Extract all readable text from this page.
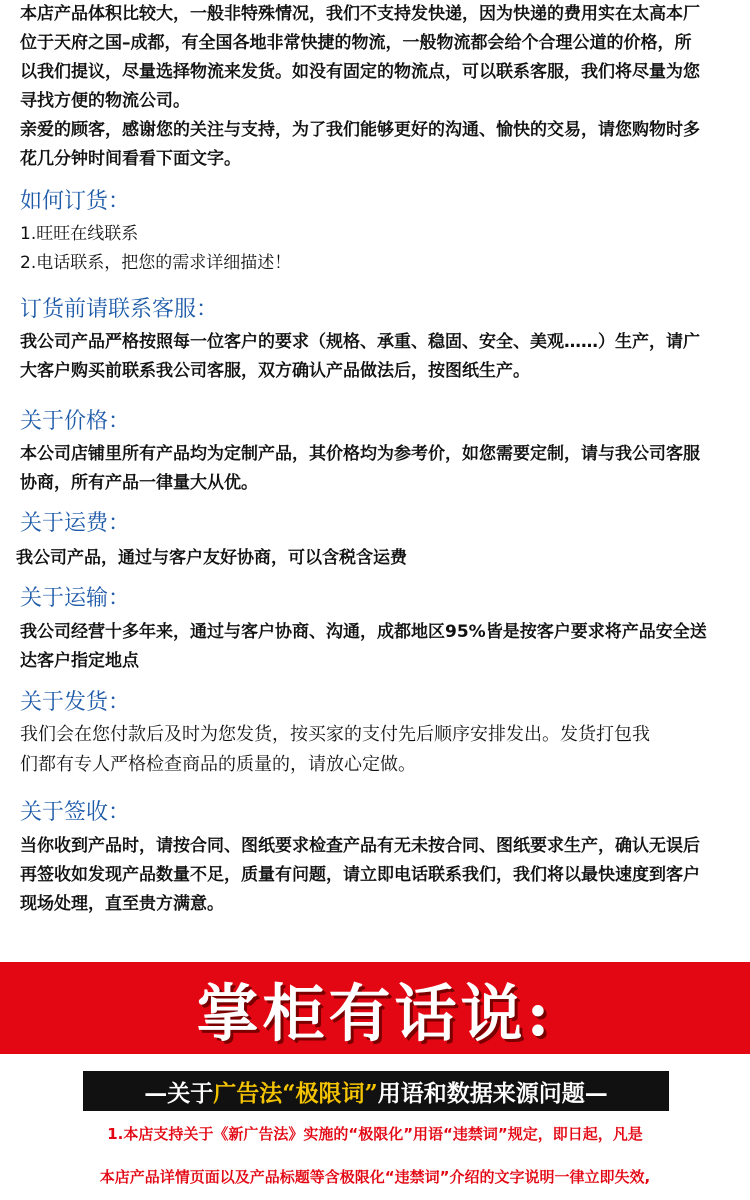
本店产品体积比较大，一般非特殊情况，我们不支持发快递，因为快递的费用实在太高本厂
位于天府之国–成都，有全国各地非常快捷的物流，一般物流都会给个合理公道的价格，所
以我们提议，尽量选择物流来发货。如没有固定的物流点，可以联系客服，我们将尽量为您
寻找方便的物流公司。
亲爱的顾客，感谢您的关注与支持，为了我们能够更好的沟通、愉快的交易，请您购物时多
花几分钟时间看看下面文字。
如何订货：
1.旺旺在线联系
2.电话联系，把您的需求详细描述！
订货前请联系客服：
我公司产品严格按照每一位客户的要求（规格、承重、稳固、安全、美观……）生产，请广
大客户购买前联系我公司客服，双方确认产品做法后，按图纸生产。
关于价格：
本公司店铺里所有产品均为定制产品，其价格均为参考价，如您需要定制，请与我公司客服
协商，所有产品一律量大从优。
关于运费：
我公司产品，通过与客户友好协商，可以含税含运费
关于运输：
我公司经营十多年来，通过与客户协商、沟通，成都地区95%皆是按客户要求将产品安全送
达客户指定地点
关于发货：
我们会在您付款后及时为您发货，按买家的支付先后顺序安排发出。发货打包我
们都有专人严格检查商品的质量的，请放心定做。
关于签收：
当你收到产品时，请按合同、图纸要求检查产品有无未按合同、图纸要求生产，确认无误后
再签收如发现产品数量不足，质量有问题，请立即电话联系我们，我们将以最快速度到客户
现场处理，直至贵方满意。
掌柜有话说:
—关于 广告法 “极限词” 用语和数据来源问题—
1.本店支持关于《新广告法》实施的“极限化”用语“违禁词”规定，即日起，凡是
本店产品详情页面以及产品标题等含极限化“违禁词”介绍的文字说明一律立即失效,
